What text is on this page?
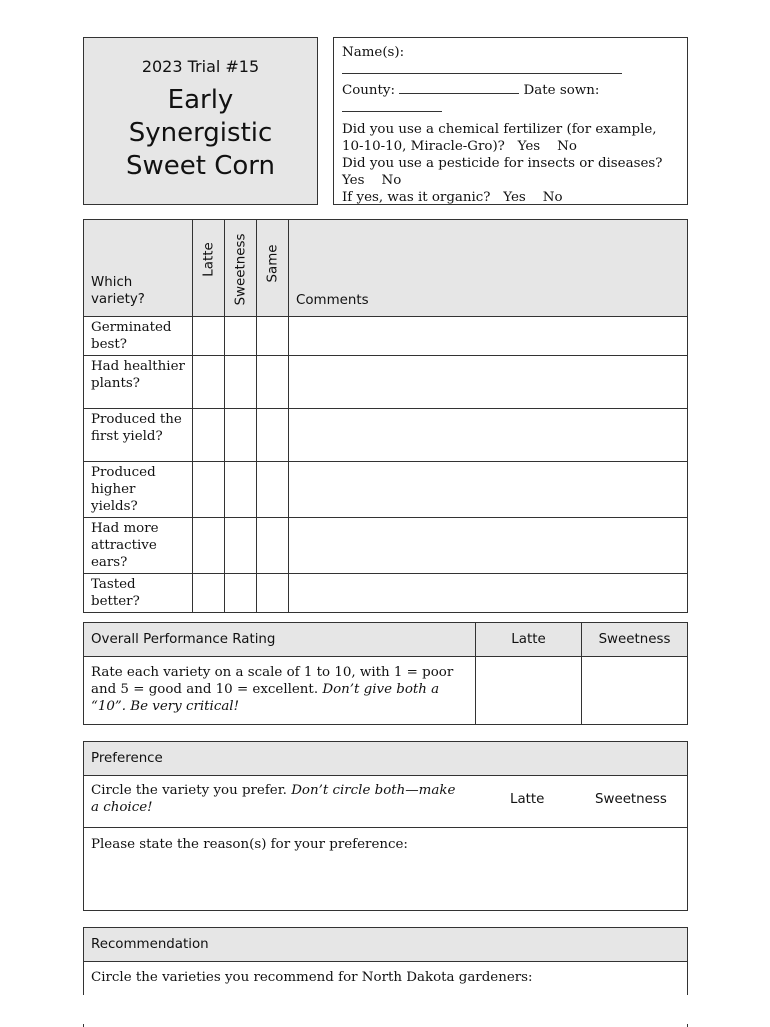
2023 Trial #15
Early
Synergistic
Sweet Corn
Name(s):
County:	Date sown:
Did you use a chemical fertilizer (for example, 10-10-10, Miracle-Gro)? Yes No
Did you use a pesticide for insects or diseases?   Yes No
If yes, was it organic? Yes No
Which variety?	Latte	Sweetness	Same	Comments
Germinated best?				
Had healthier plants?				
Produced the first yield?				
Produced higher yields?				
Had more attractive ears?				
Tasted better?				
Overall Performance Rating	Latte	Sweetness
Rate each variety on a scale of 1 to 10, with 1 = poor and 5 = good and 10 = excellent. Don’t give both a “10”. Be very critical!		
Preference
Circle the variety you prefer. Don’t circle both—make a choice!
Latte	Sweetness
Please state the reason(s) for your preference:
Recommendation
Circle the varieties you recommend for North Dakota gardeners:
